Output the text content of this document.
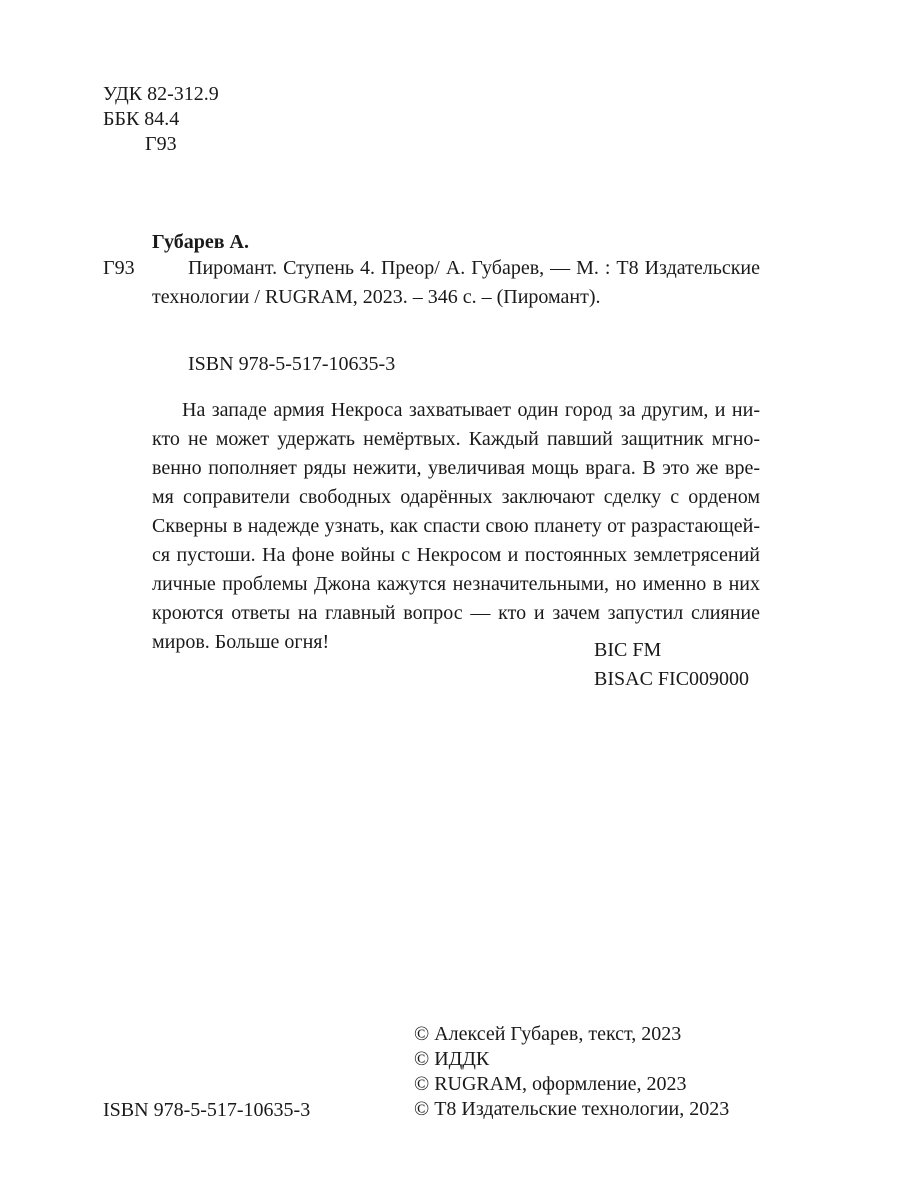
УДК 82-312.9
ББК 84.4
Г93
Губарев А.
Г93	Пиромант. Ступень 4. Преор/ А. Губарев, — М. : Т8 Издательские
технологии / RUGRAM, 2023. – 346 с. – (Пиромант).
ISBN 978-5-517-10635-3
На западе армия Некроса захватывает один город за другим, и ни-
кто не может удержать немёртвых. Каждый павший защитник мгно-
венно пополняет ряды нежити, увеличивая мощь врага. В это же вре-
мя соправители свободных одарённых заключают сделку с орденом
Скверны в надежде узнать, как спасти свою планету от разрастающей-
ся пустоши. На фоне войны с Некросом и постоянных землетрясений
личные проблемы Джона кажутся незначительными, но именно в них
кроются ответы на главный вопрос — кто и зачем запустил слияние
миров. Больше огня!	BIC FM
BISAC FIC009000
© Алексей Губарев, текст, 2023
© ИДДК
© RUGRAM, оформление, 2023
© Т8 Издательские технологии, 2023
ISBN 978-5-517-10635-3
